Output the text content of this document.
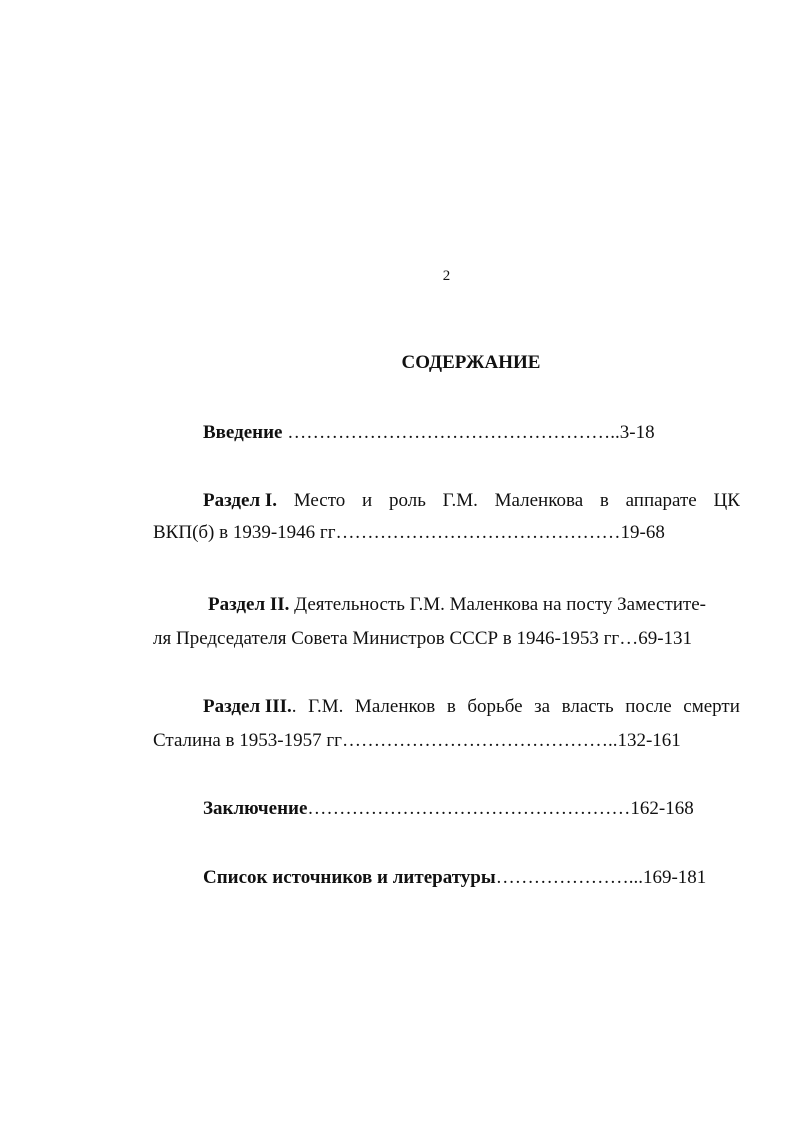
2
СОДЕРЖАНИЕ
Введение ……………………………………………..3-18
Раздел I. Место и роль Г.М. Маленкова в аппарате ЦК
ВКП(б) в 1939-1946 гг………………………………………19-68
Раздел II. Деятельность Г.М. Маленкова на посту Заместите-
ля Председателя Совета Министров СССР в 1946-1953 гг…69-131
Раздел III.. Г.М. Маленков в борьбе за власть после смерти
Сталина в 1953-1957 гг……………………………………..132-161
Заключение……………………………………………162-168
Список источников и литературы…………………...169-181
